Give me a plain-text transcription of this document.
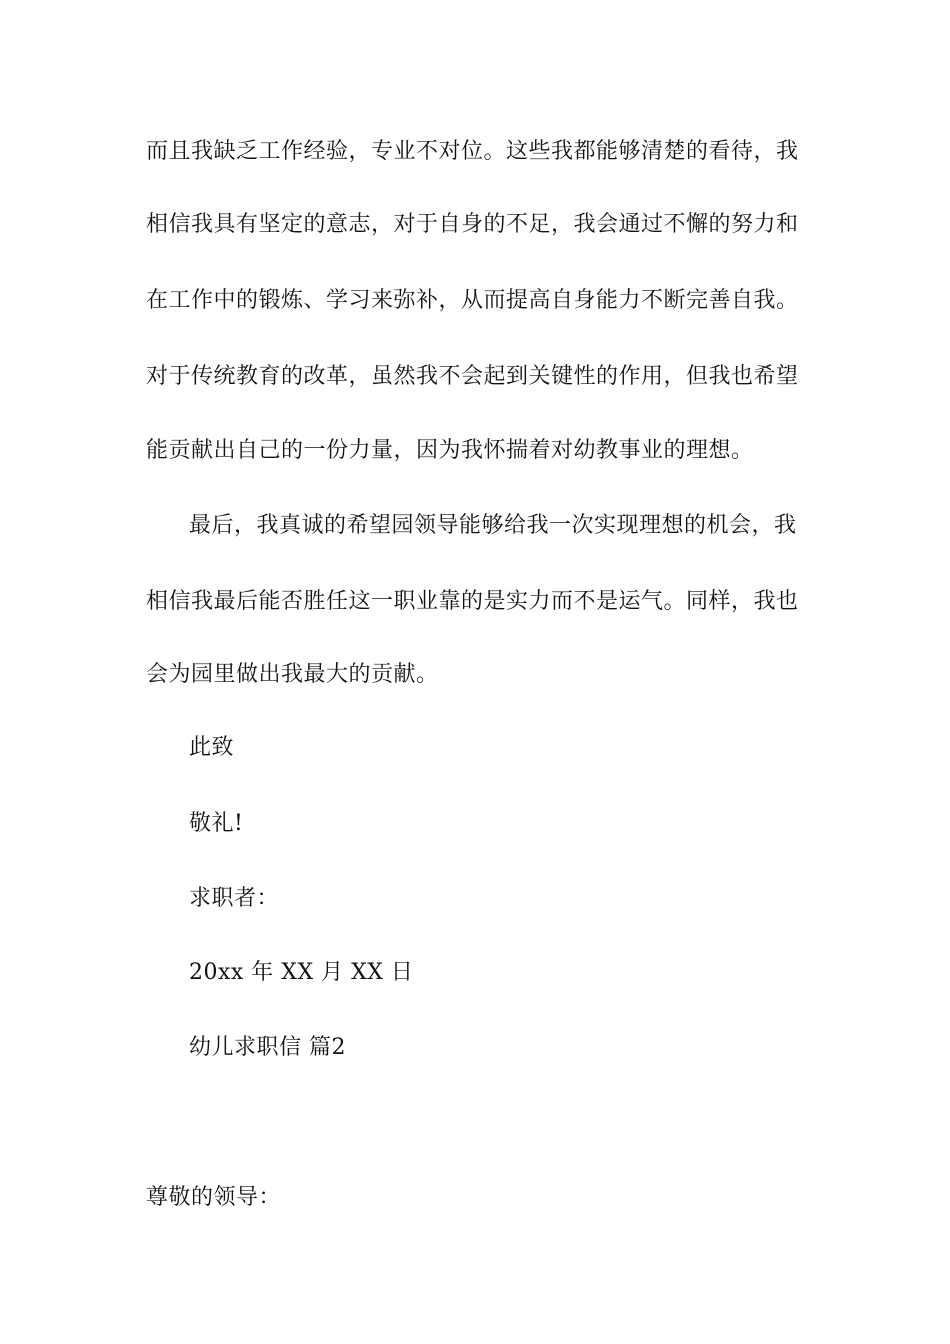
而且我缺乏工作经验，专业不对位。这些我都能够清楚的看待，我
相信我具有坚定的意志，对于自身的不足，我会通过不懈的努力和
在工作中的锻炼、学习来弥补，从而提高自身能力不断完善自我。
对于传统教育的改革，虽然我不会起到关键性的作用，但我也希望
能贡献出自己的一份力量，因为我怀揣着对幼教事业的理想。
最后，我真诚的希望园领导能够给我一次实现理想的机会，我
相信我最后能否胜任这一职业靠的是实力而不是运气。同样，我也
会为园里做出我最大的贡献。
此致
敬礼!
求职者：
20xx 年 XX 月 XX 日
幼儿求职信 篇2
尊敬的领导：
